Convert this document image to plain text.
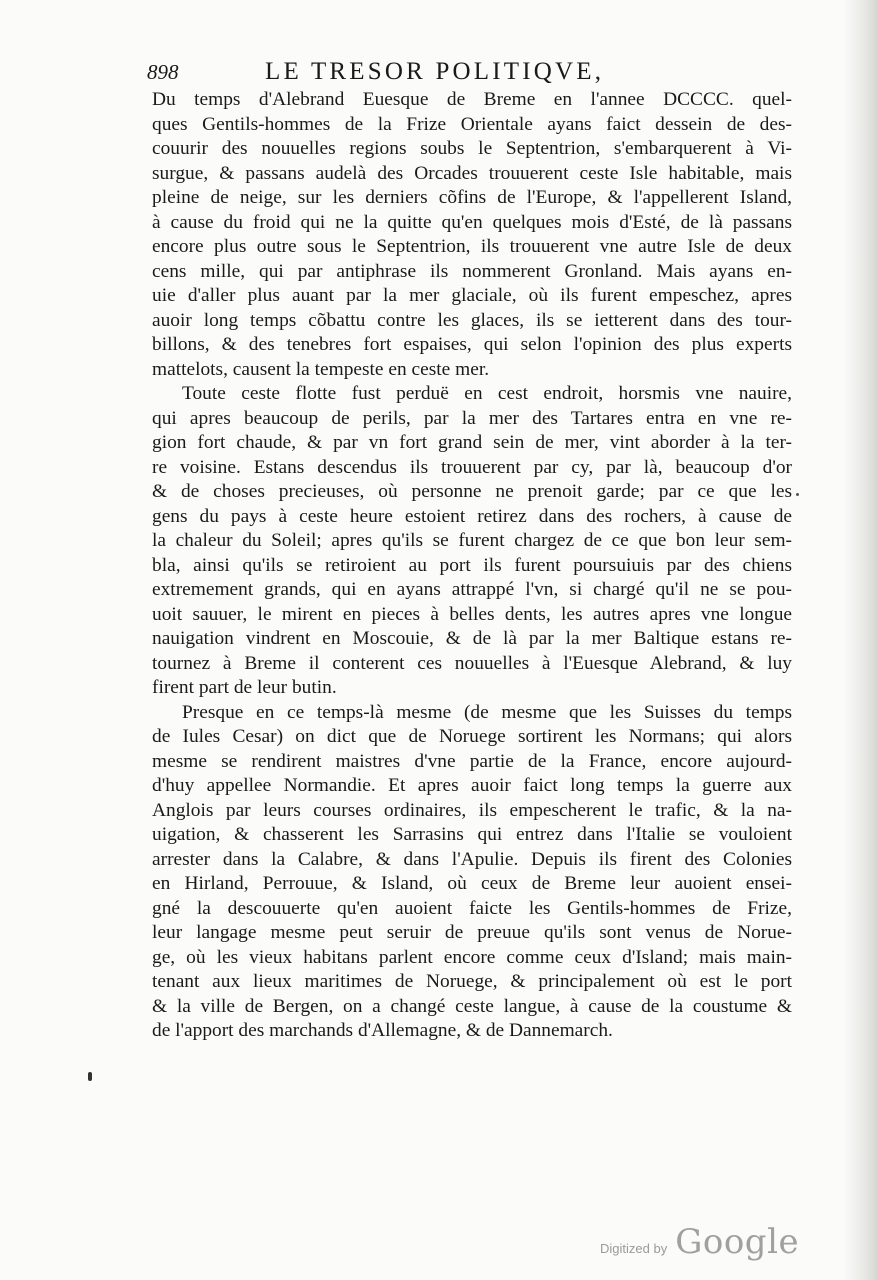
898	LE TRESOR POLITIQVE,
Du temps d'Alebrand Euesque de Breme en l'annee DCCCC. quel-
ques Gentils-hommes de la Frize Orientale ayans faict dessein de des-
couurir des nouuelles regions soubs le Septentrion, s'embarquerent à Vi-
surgue, & passans audelà des Orcades trouuerent ceste Isle habitable, mais
pleine de neige, sur les derniers cõfins de l'Europe, & l'appellerent Island,
à cause du froid qui ne la quitte qu'en quelques mois d'Esté, de là passans
encore plus outre sous le Septentrion, ils trouuerent vne autre Isle de deux
cens mille, qui par antiphrase ils nommerent Gronland. Mais ayans en-
uie d'aller plus auant par la mer glaciale, où ils furent empeschez, apres
auoir long temps cõbattu contre les glaces, ils se ietterent dans des tour-
billons, & des tenebres fort espaises, qui selon l'opinion des plus experts
mattelots, causent la tempeste en ceste mer.
Toute ceste flotte fust perduë en cest endroit, horsmis vne nauire,
qui apres beaucoup de perils, par la mer des Tartares entra en vne re-
gion fort chaude, & par vn fort grand sein de mer, vint aborder à la ter-
re voisine. Estans descendus ils trouuerent par cy, par là, beaucoup d'or
& de choses precieuses, où personne ne prenoit garde; par ce que les
gens du pays à ceste heure estoient retirez dans des rochers, à cause de
la chaleur du Soleil; apres qu'ils se furent chargez de ce que bon leur sem-
bla, ainsi qu'ils se retiroient au port ils furent poursuiuis par des chiens
extremement grands, qui en ayans attrappé l'vn, si chargé qu'il ne se pou-
uoit sauuer, le mirent en pieces à belles dents, les autres apres vne longue
nauigation vindrent en Moscouie, & de là par la mer Baltique estans re-
tournez à Breme il conterent ces nouuelles à l'Euesque Alebrand, & luy
firent part de leur butin.
Presque en ce temps-là mesme (de mesme que les Suisses du temps
de Iules Cesar) on dict que de Noruege sortirent les Normans; qui alors
mesme se rendirent maistres d'vne partie de la France, encore aujourd-
d'huy appellee Normandie. Et apres auoir faict long temps la guerre aux
Anglois par leurs courses ordinaires, ils empescherent le trafic, & la na-
uigation, & chasserent les Sarrasins qui entrez dans l'Italie se vouloient
arrester dans la Calabre, & dans l'Apulie. Depuis ils firent des Colonies
en Hirland, Perrouue, & Island, où ceux de Breme leur auoient ensei-
gné la descouuerte qu'en auoient faicte les Gentils-hommes de Frize,
leur langage mesme peut seruir de preuue qu'ils sont venus de Norue-
ge, où les vieux habitans parlent encore comme ceux d'Island; mais main-
tenant aux lieux maritimes de Noruege, & principalement où est le port
& la ville de Bergen, on a changé ceste langue, à cause de la coustume &
de l'apport des marchands d'Allemagne, & de Dannemarch.
Digitized by Google
